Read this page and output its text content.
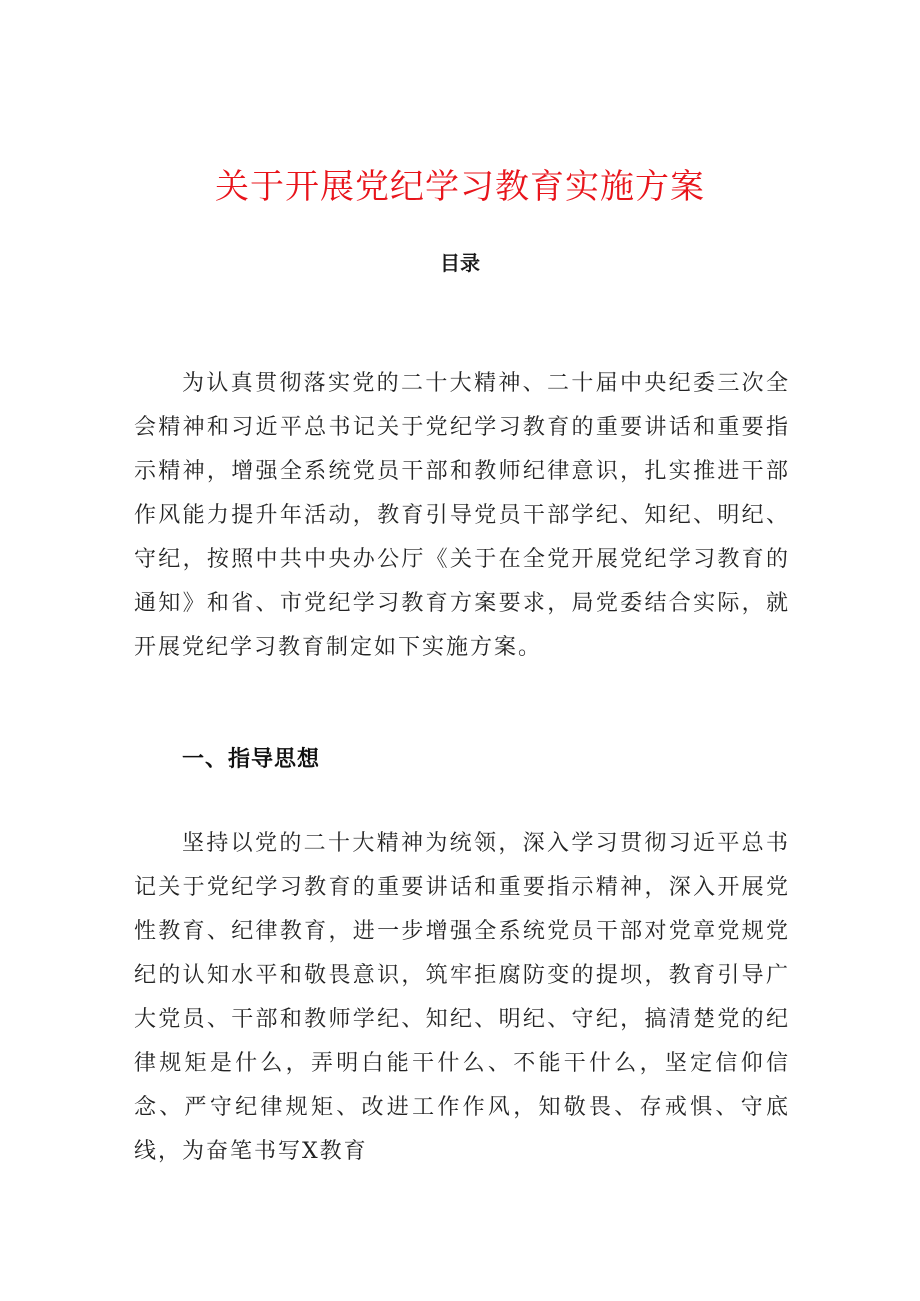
关于开展党纪学习教育实施方案
目录

为认真贯彻落实党的二十大精神、二十届中央纪委三次全会精神和习近平总书记关于党纪学习教育的重要讲话和重要指示精神，增强全系统党员干部和教师纪律意识，扎实推进干部作风能力提升年活动，教育引导党员干部学纪、知纪、明纪、守纪，按照中共中央办公厅《关于在全党开展党纪学习教育的通知》和省、市党纪学习教育方案要求，局党委结合实际，就开展党纪学习教育制定如下实施方案。

一、指导思想

坚持以党的二十大精神为统领，深入学习贯彻习近平总书记关于党纪学习教育的重要讲话和重要指示精神，深入开展党性教育、纪律教育，进一步增强全系统党员干部对党章党规党纪的认知水平和敬畏意识，筑牢拒腐防变的提坝，教育引导广大党员、干部和教师学纪、知纪、明纪、守纪，搞清楚党的纪律规矩是什么，弄明白能干什么、不能干什么，坚定信仰信念、严守纪律规矩、改进工作作风，知敬畏、存戒惧、守底线，为奋笔书写X教育
